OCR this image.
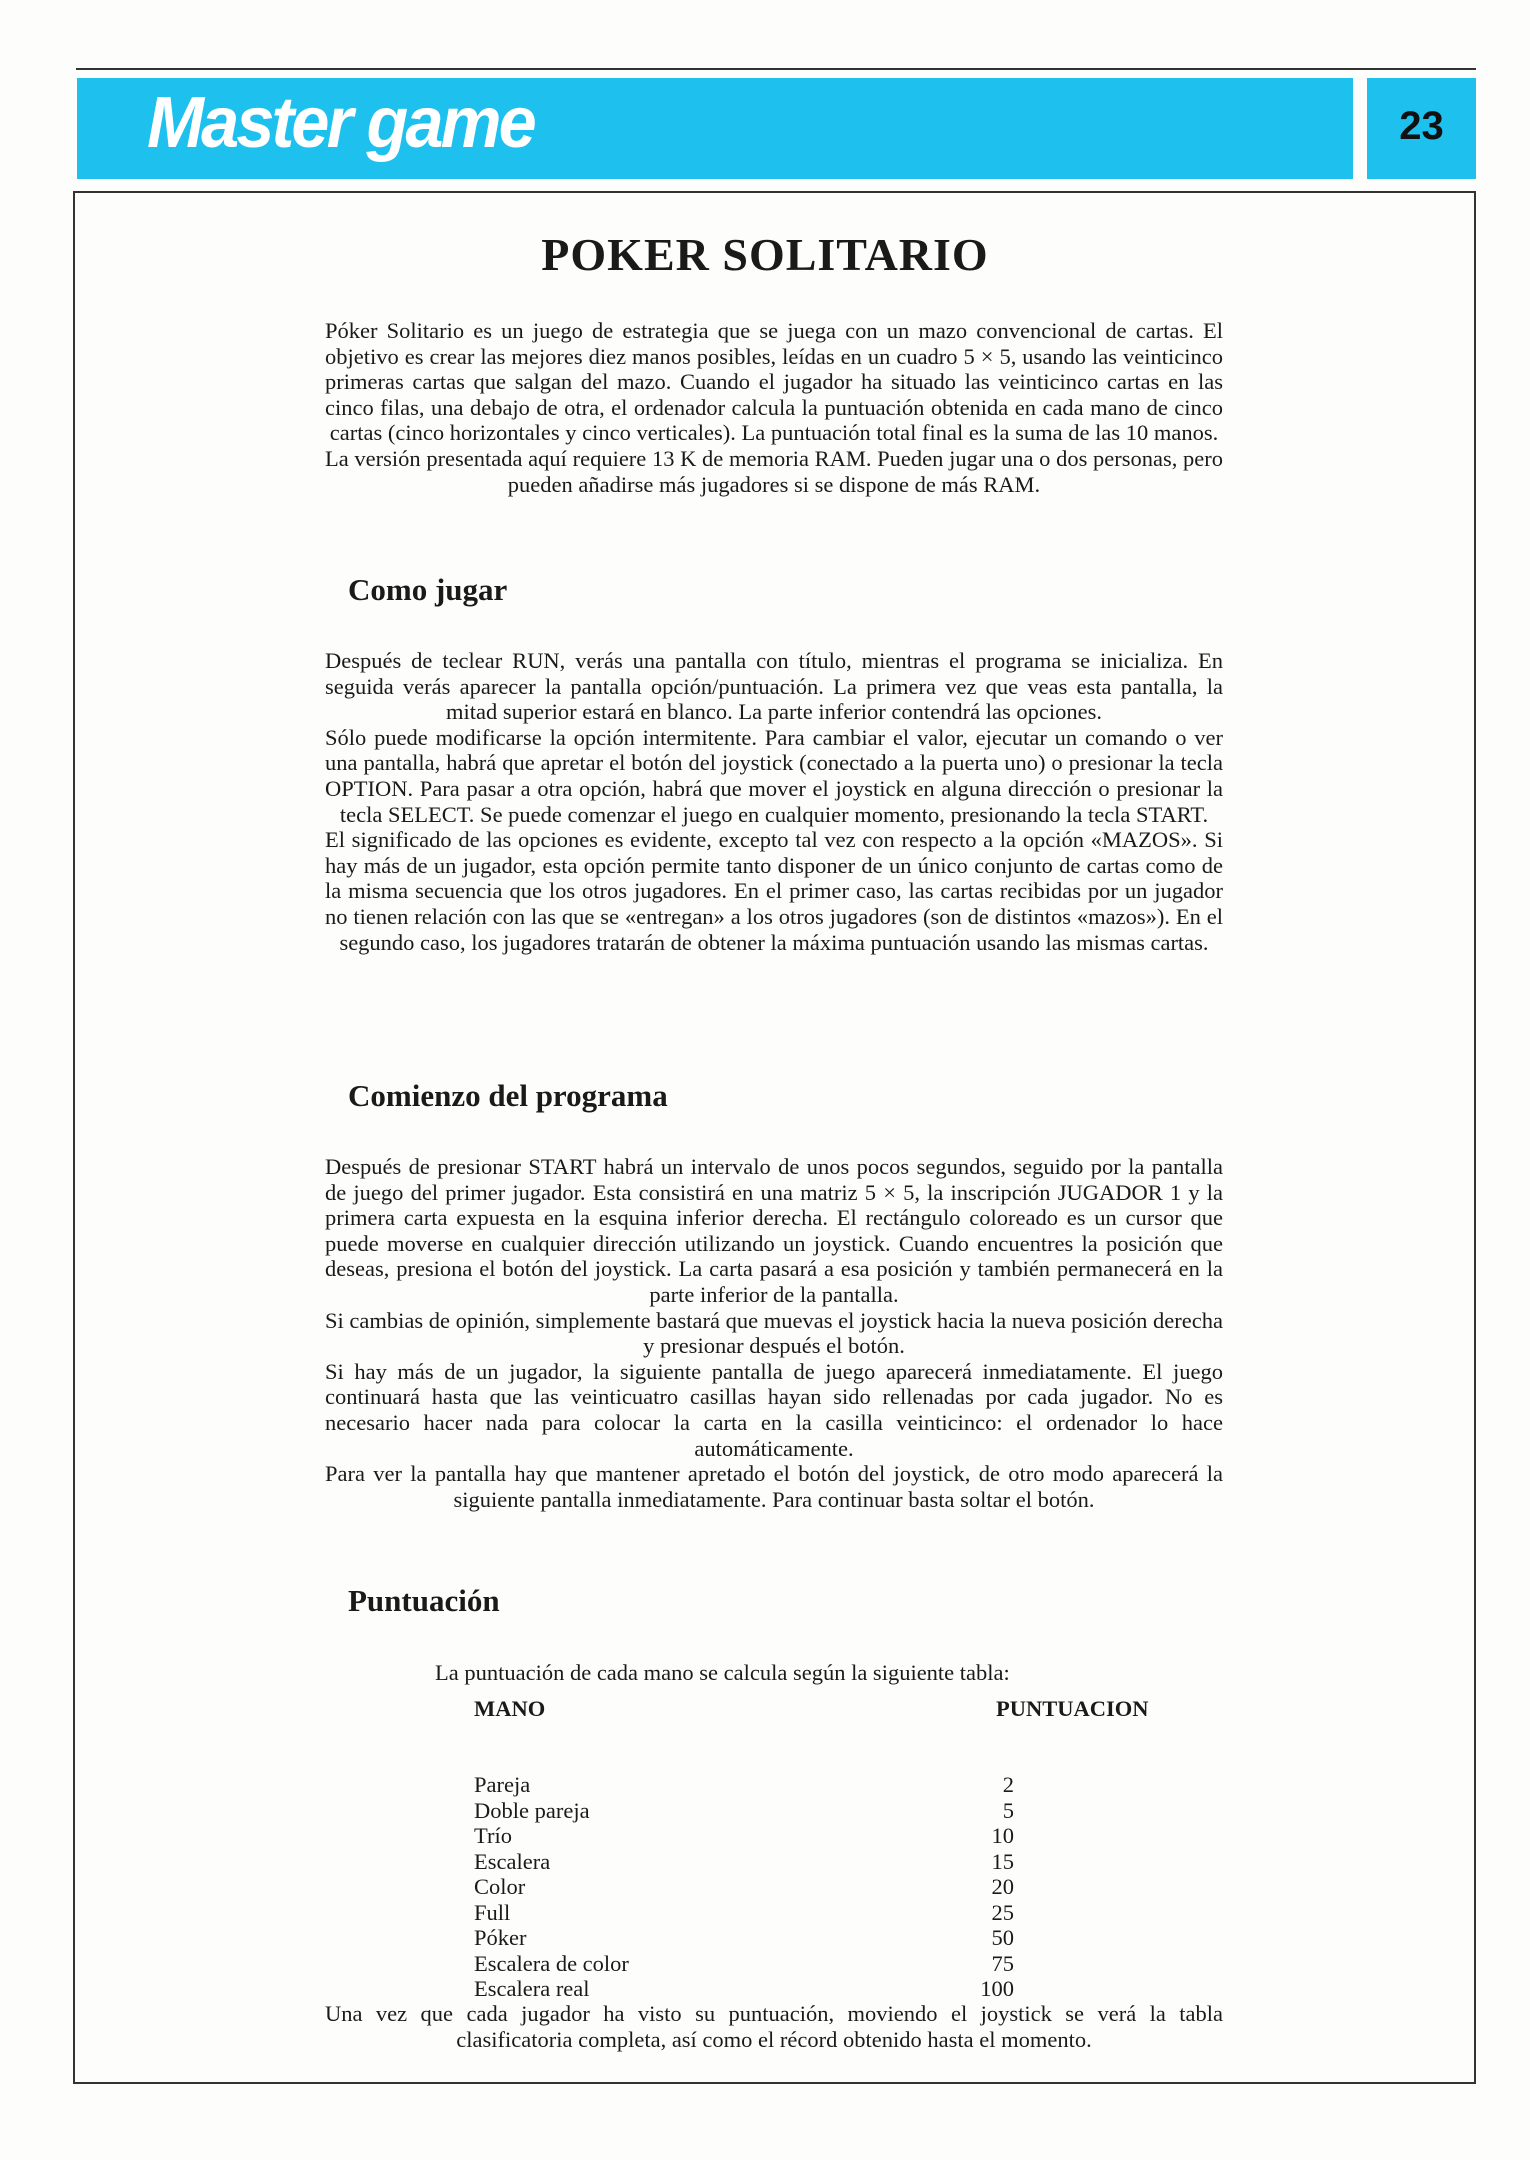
Master game	23
POKER SOLITARIO

Póker Solitario es un juego de estrategia que se juega con un mazo convencional de cartas. El objetivo es crear las mejores diez manos posibles, leídas en un cuadro 5 × 5, usando las veinticinco primeras cartas que salgan del mazo. Cuando el jugador ha situado las veinticinco cartas en las cinco filas, una debajo de otra, el ordenador calcula la puntuación obtenida en cada mano de cinco cartas (cinco horizontales y cinco verticales). La puntuación total final es la suma de las 10 manos.

La versión presentada aquí requiere 13 K de memoria RAM. Pueden jugar una o dos personas, pero pueden añadirse más jugadores si se dispone de más RAM.

Como jugar

Después de teclear RUN, verás una pantalla con título, mientras el programa se inicializa. En seguida verás aparecer la pantalla opción/puntuación. La primera vez que veas esta pantalla, la mitad superior estará en blanco. La parte inferior contendrá las opciones.

Sólo puede modificarse la opción intermitente. Para cambiar el valor, ejecutar un comando o ver una pantalla, habrá que apretar el botón del joystick (conectado a la puerta uno) o presionar la tecla OPTION. Para pasar a otra opción, habrá que mover el joystick en alguna dirección o presionar la tecla SELECT. Se puede comenzar el juego en cualquier momento, presionando la tecla START.

El significado de las opciones es evidente, excepto tal vez con respecto a la opción «MAZOS». Si hay más de un jugador, esta opción permite tanto disponer de un único conjunto de cartas como de la misma secuencia que los otros jugadores. En el primer caso, las cartas recibidas por un jugador no tienen relación con las que se «entregan» a los otros jugadores (son de distintos «mazos»). En el segundo caso, los jugadores tratarán de obtener la máxima puntuación usando las mismas cartas.

Comienzo del programa

Después de presionar START habrá un intervalo de unos pocos segundos, seguido por la pantalla de juego del primer jugador. Esta consistirá en una matriz 5 × 5, la inscripción JUGADOR 1 y la primera carta expuesta en la esquina inferior derecha. El rectángulo coloreado es un cursor que puede moverse en cualquier dirección utilizando un joystick. Cuando encuentres la posición que deseas, presiona el botón del joystick. La carta pasará a esa posición y también permanecerá en la parte inferior de la pantalla.

Si cambias de opinión, simplemente bastará que muevas el joystick hacia la nueva posición derecha y presionar después el botón.

Si hay más de un jugador, la siguiente pantalla de juego aparecerá inmediatamente. El juego continuará hasta que las veinticuatro casillas hayan sido rellenadas por cada jugador. No es necesario hacer nada para colocar la carta en la casilla veinticinco: el ordenador lo hace automáticamente.

Para ver la pantalla hay que mantener apretado el botón del joystick, de otro modo aparecerá la siguiente pantalla inmediatamente. Para continuar basta soltar el botón.

Puntuación
La puntuación de cada mano se calcula según la siguiente tabla:
MANO	PUNTUACION
Pareja	2
Doble pareja	5
Trío	10
Escalera	15
Color	20
Full	25
Póker	50
Escalera de color	75
Escalera real	100

Una vez que cada jugador ha visto su puntuación, moviendo el joystick se verá la tabla clasificatoria completa, así como el récord obtenido hasta el momento.
